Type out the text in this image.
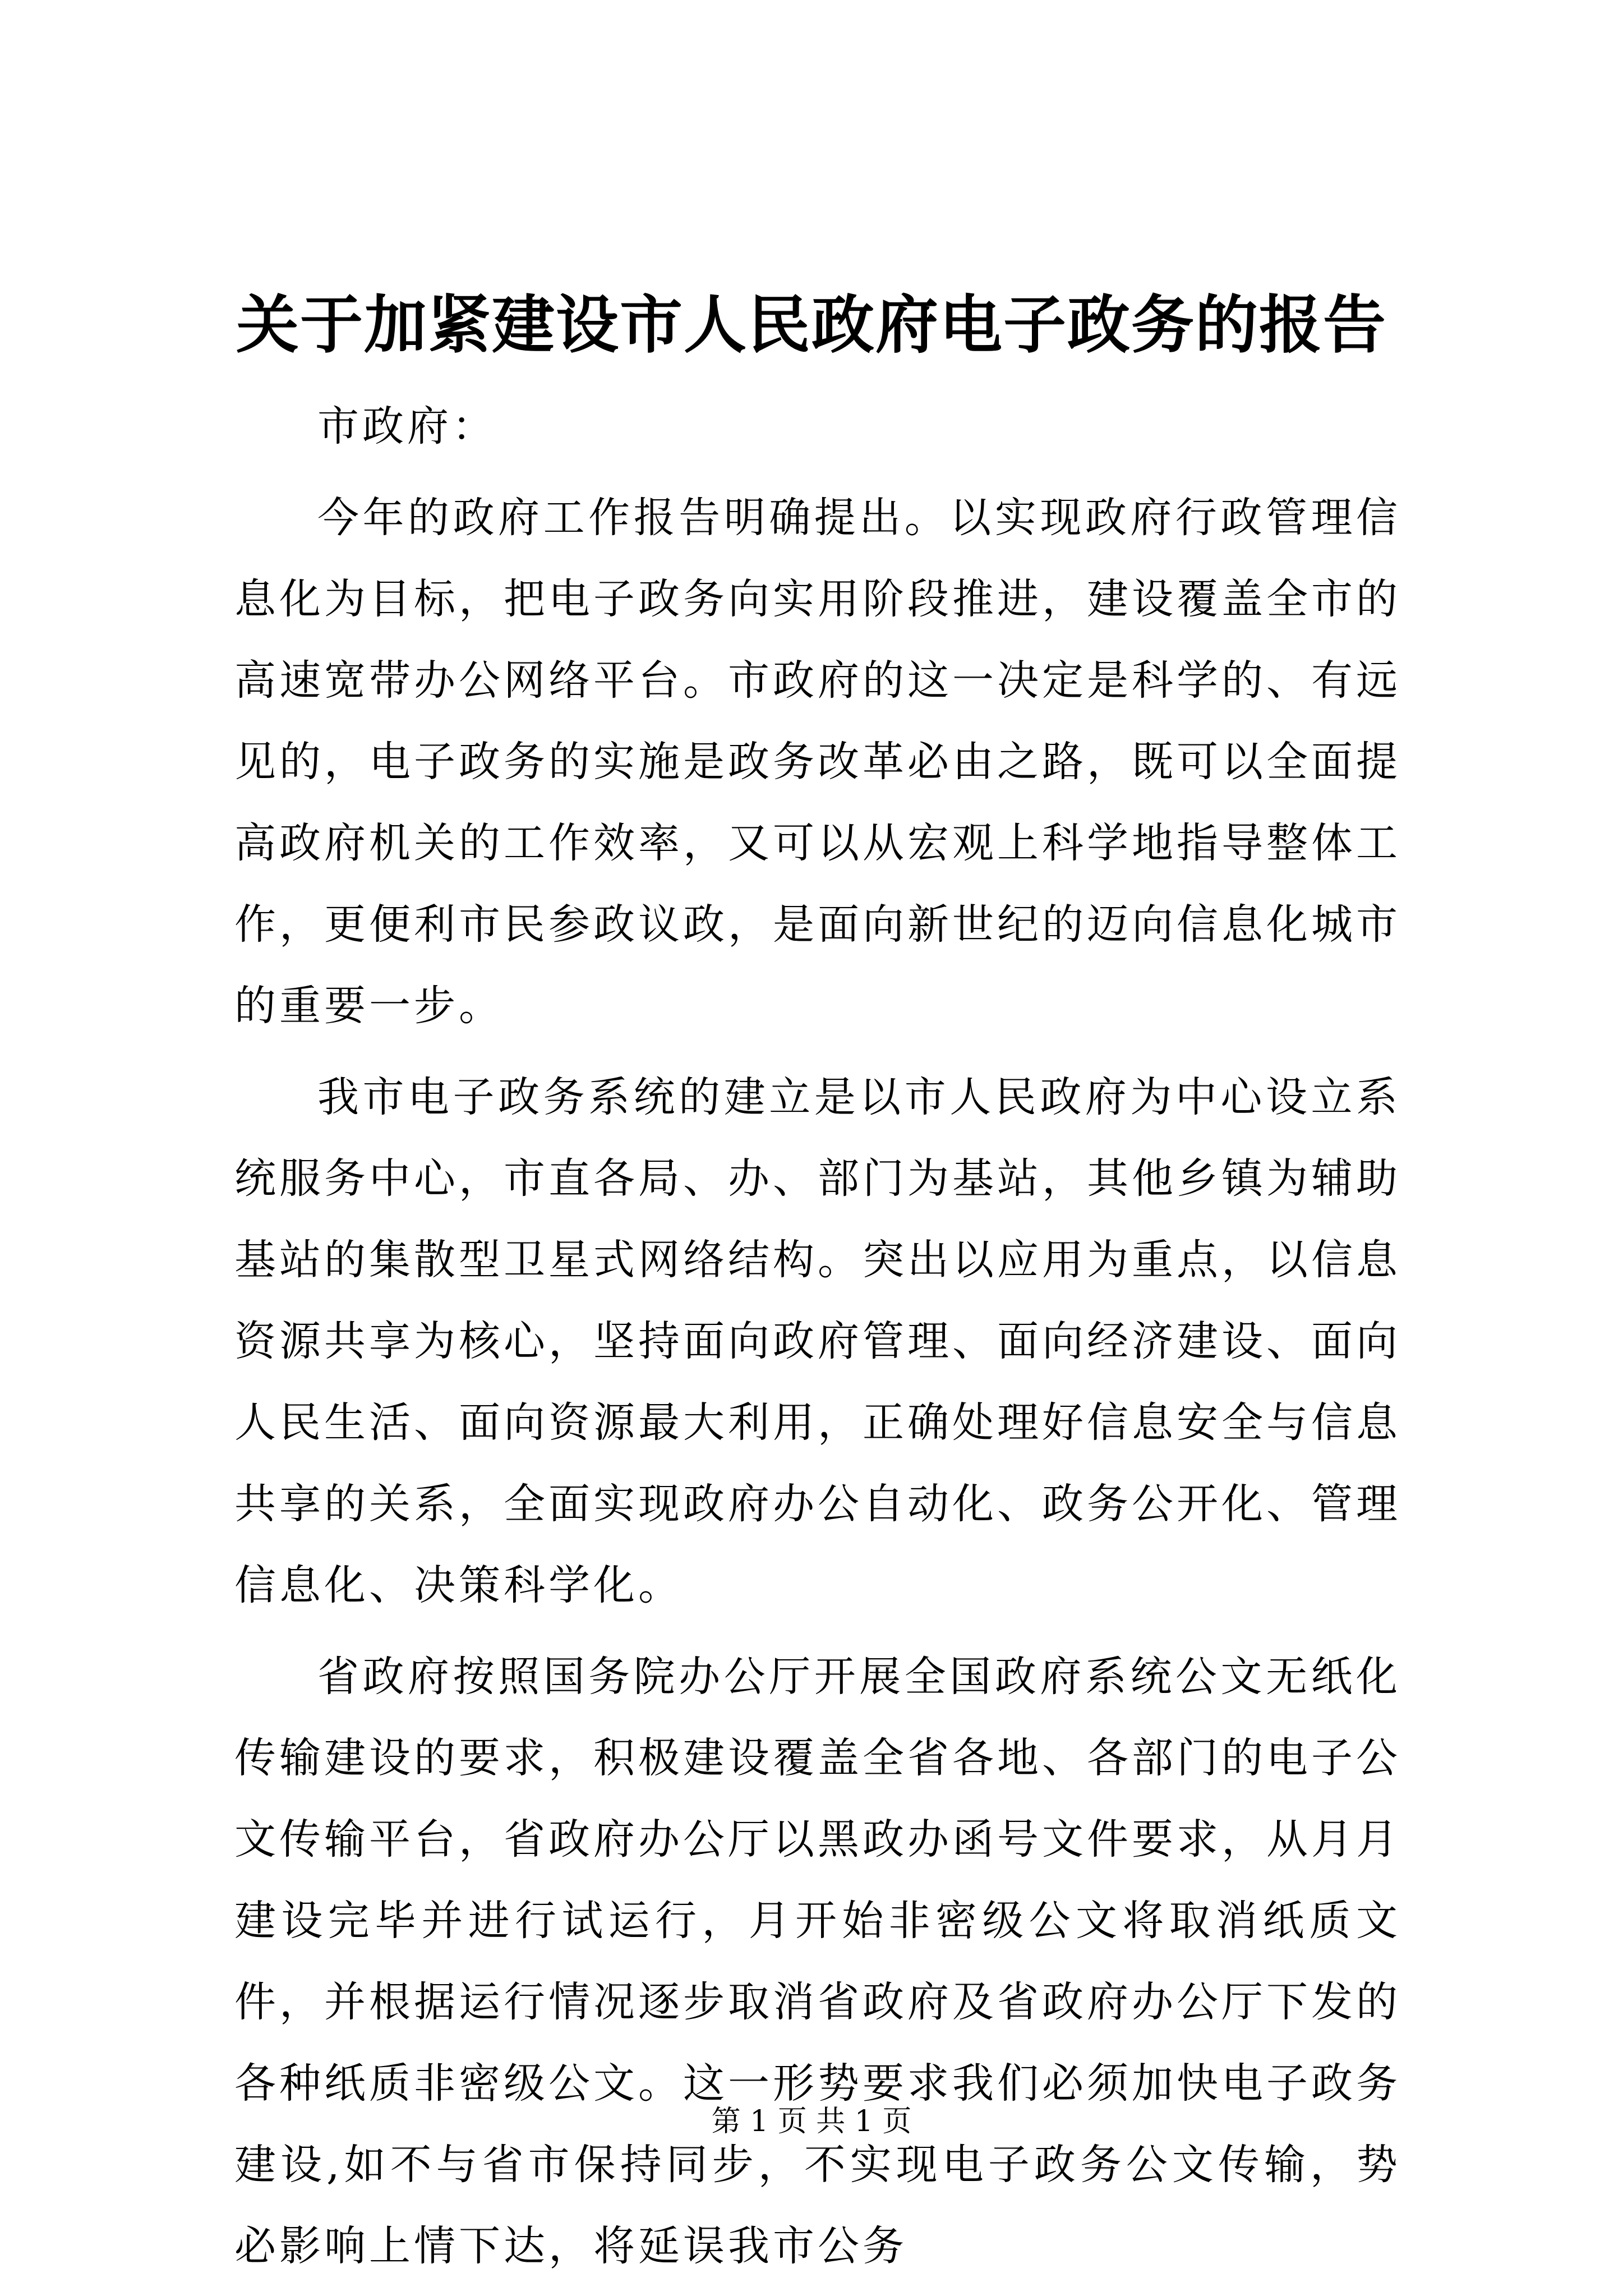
关于加紧建设市人民政府电子政务的报告

市政府：

今年的政府工作报告明确提出。以实现政府行政管理信息化为目标，把电子政务向实用阶段推进，建设覆盖全市的高速宽带办公网络平台。市政府的这一决定是科学的、有远见的，电子政务的实施是政务改革必由之路，既可以全面提高政府机关的工作效率，又可以从宏观上科学地指导整体工作，更便利市民参政议政，是面向新世纪的迈向信息化城市的重要一步。

我市电子政务系统的建立是以市人民政府为中心设立系统服务中心，市直各局、办、部门为基站，其他乡镇为辅助基站的集散型卫星式网络结构。突出以应用为重点，以信息资源共享为核心，坚持面向政府管理、面向经济建设、面向人民生活、面向资源最大利用，正确处理好信息安全与信息共享的关系，全面实现政府办公自动化、政务公开化、管理信息化、决策科学化。

省政府按照国务院办公厅开展全国政府系统公文无纸化传输建设的要求，积极建设覆盖全省各地、各部门的电子公文传输平台，省政府办公厅以黑政办函号文件要求，从月月建设完毕并进行试运行，月开始非密级公文将取消纸质文件，并根据运行情况逐步取消省政府及省政府办公厅下发的各种纸质非密级公文。这一形势要求我们必须加快电子政务建设,如不与省市保持同步，不实现电子政务公文传输，势必影响上情下达，将延误我市公务

第 1 页 共 1 页
